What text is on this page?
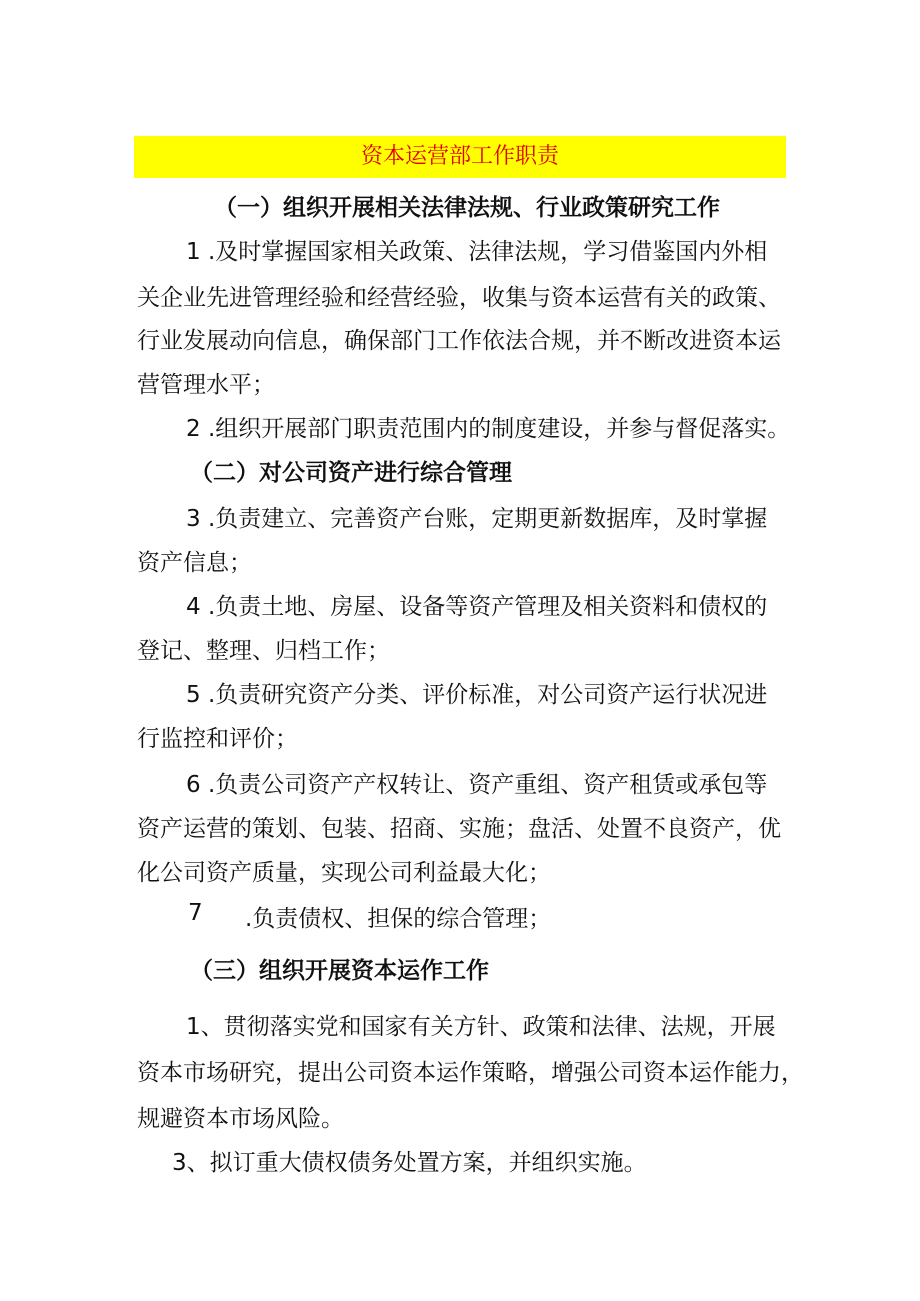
资本运营部工作职责
（一）组织开展相关法律法规、行业政策研究工作
1 .及时掌握国家相关政策、法律法规，学习借鉴国内外相
关企业先进管理经验和经营经验，收集与资本运营有关的政策、
行业发展动向信息，确保部门工作依法合规，并不断改进资本运
营管理水平；
2 .组织开展部门职责范围内的制度建设，并参与督促落实。
（二）对公司资产进行综合管理
3 .负责建立、完善资产台账，定期更新数据库，及时掌握
资产信息；
4 .负责土地、房屋、设备等资产管理及相关资料和债权的
登记、整理、归档工作；
5 .负责研究资产分类、评价标准，对公司资产运行状况进
行监控和评价；
6 .负责公司资产产权转让、资产重组、资产租赁或承包等
资产运营的策划、包装、招商、实施；盘活、处置不良资产，优
化公司资产质量，实现公司利益最大化；
7 .负责债权、担保的综合管理；
（三）组织开展资本运作工作
1、贯彻落实党和国家有关方针、政策和法律、法规，开展
资本市场研究，提出公司资本运作策略，增强公司资本运作能力，
规避资本市场风险。
3、拟订重大债权债务处置方案，并组织实施。
